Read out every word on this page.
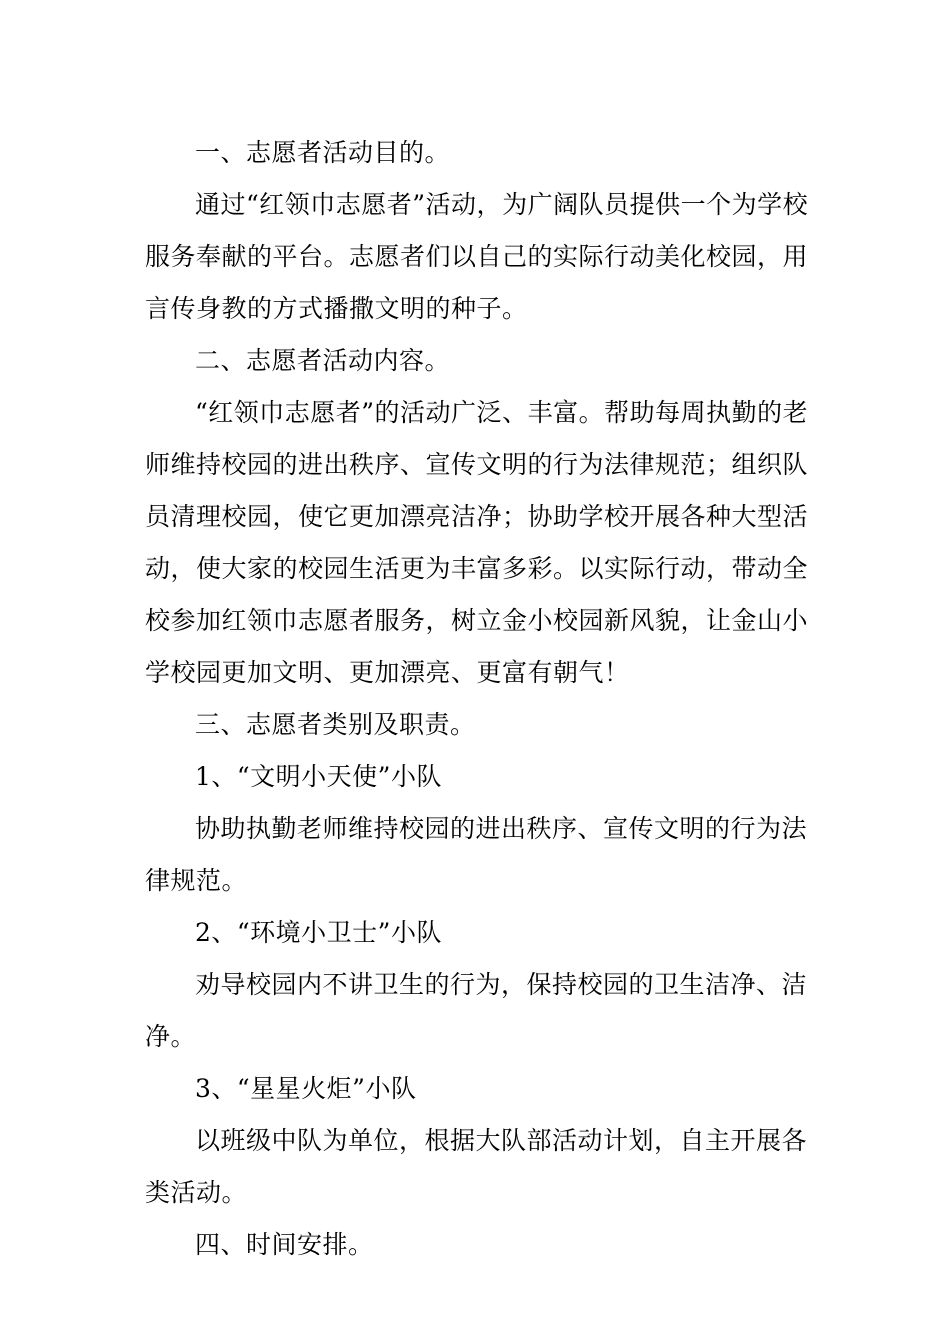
一、志愿者活动目的。

通过“红领巾志愿者”活动，为广阔队员提供一个为学校服务奉献的平台。志愿者们以自己的实际行动美化校园，用言传身教的方式播撒文明的种子。

二、志愿者活动内容。

“红领巾志愿者”的活动广泛、丰富。帮助每周执勤的老师维持校园的进出秩序、宣传文明的行为法律规范；组织队员清理校园，使它更加漂亮洁净；协助学校开展各种大型活动，使大家的校园生活更为丰富多彩。以实际行动，带动全校参加红领巾志愿者服务，树立金小校园新风貌，让金山小学校园更加文明、更加漂亮、更富有朝气！

三、志愿者类别及职责。

1、“文明小天使”小队

协助执勤老师维持校园的进出秩序、宣传文明的行为法律规范。

2、“环境小卫士”小队

劝导校园内不讲卫生的行为，保持校园的卫生洁净、洁净。

3、“星星火炬”小队

以班级中队为单位，根据大队部活动计划，自主开展各类活动。

四、时间安排。
